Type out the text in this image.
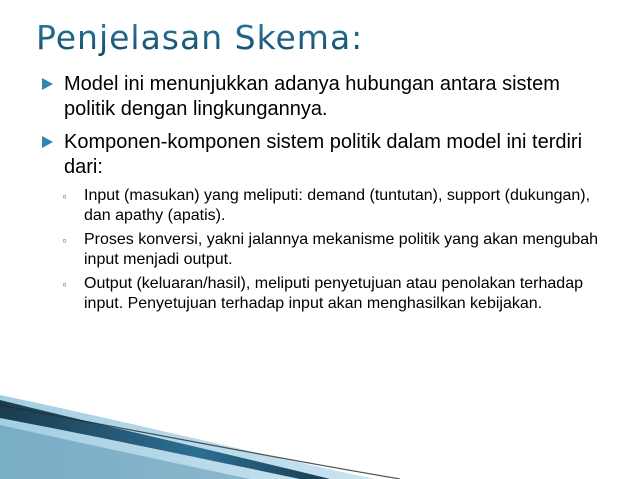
Penjelasan Skema:
Model ini menunjukkan adanya hubungan antara sistem politik dengan lingkungannya.
Komponen-komponen sistem politik dalam model ini terdiri dari:
◦ Input (masukan) yang meliputi: demand (tuntutan), support (dukungan), dan apathy (apatis).
◦ Proses konversi, yakni jalannya mekanisme politik yang akan mengubah input menjadi output.
◦ Output (keluaran/hasil), meliputi penyetujuan atau penolakan terhadap input. Penyetujuan terhadap input akan menghasilkan kebijakan.
